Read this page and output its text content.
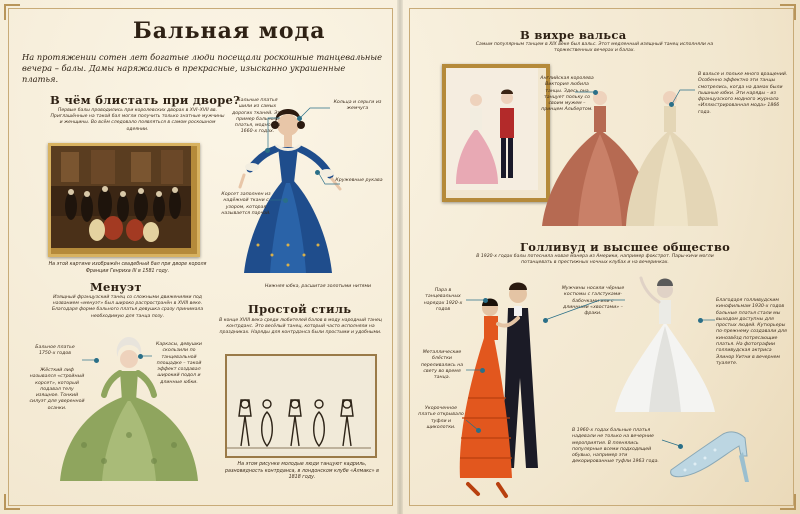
Бальная мода

На протяжении сотен лет богатые люди посещали роскошные танцевальные вечера – балы. Дамы наряжались в прекрасные, изысканно украшенные платья.

В чём блистать при дворе?

Первые балы проводились при королевских дворах в XVI–XVII вв. Приглашённые на такой бал могли получить только знатные мужчины и женщины. Во всём следовало появляться в самом роскошном одеянии.

На этой картине изображён свадебный бал при дворе короля Франции Генриха III в 1581 году.

Бальные платья шили из самых дорогих тканей. Это пример бального платья, модного в 1660-х годах.

Кольца и серьги из жемчуга

Кружевные рукава

Корсет заполнен из надёжной ткани с узором, которая называется парчой.

Нижняя юбка, расшитая золотыми нитями

Менуэт

Изящный французский танец со сложными движениями под названием «менуэт» был широко распространён в XVIII веке. Благодаря форме бального платья девушка сразу принимала необходимую для танца позу.

Бальное платье 1750-х годов

Жёсткий лиф назывался «стройный корсет», который подавал телу изящное. Тонкий силуэт для уверенной осанки.

Каркасы, девушки скользили по танцевальной площадке – такой эффект создавал широкий подол и длинные юбки.

Простой стиль

В конце XVIII века среди любителей балов в моду народный танец контрданс. Это весёлый танец, который часто исполняли на праздниках. Наряды для контрданса были простыми и удобными.

На этом рисунке молодые люди танцуют кадриль, разновидность контрданса, в лондонском клубе «Алмакс» в 1818 году.

В вихре вальса

Самым популярным танцем в XIX веке был вальс. Этот медленный изящный танец исполняли на торжественных вечерах и балах.

Английская королева Виктория любила танцы. Здесь она танцует польку со своим мужем – принцем Альбертом.

В вальсе и польке много вращений. Особенно эффектно эти танцы смотрелись, когда на дамах были пышные юбки. Эти наряды – из французского модного журнала «Иллюстрированная мода» 1866 года.

Голливуд и высшее общество

В 1920-х годах балы потеснила новая манера из Америки, например фокстрот. Пары-кичи могли потанцевать в престижных ночных клубах и на вечеринках.

Пара в танцевальных нарядах 1920-х годов

Металлические блёстки переливались на свету во время танца.

Укороченное платье открывало туфли и щиколотки.

Мужчины носили чёрные костюмы с галстуками-бабочками или с длинными «хвостами» – фраки.

Благодаря голливудским кинофильмам 1930-х годов бальные платья стали мы выходом доступны для простых людей. Кутюрьеры по-прежнему создавали для кинозвёзд потрясающие платья. На фотографии голливудская актриса Элинор Уитни в вечернем туалете.

В 1960-х годах бальные платья надевали не только на вечерние мероприятия. В пленялись популярные всеми подходящей обувью, например эти декорированные туфли 1963 года.
